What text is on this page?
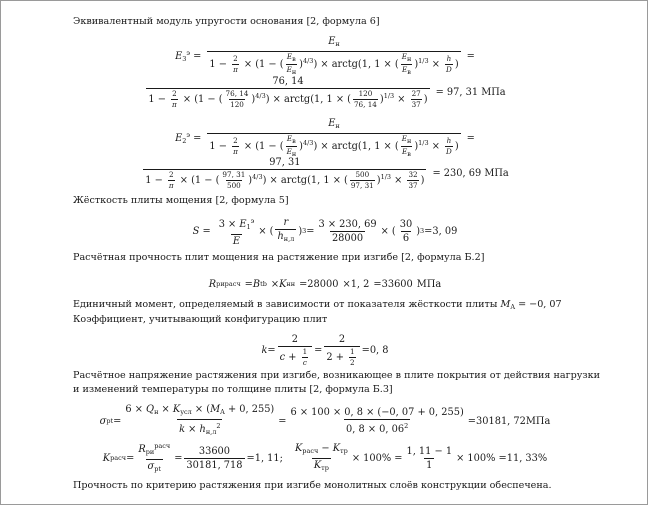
Эквивалентный модуль упругости основания [2, формула 6]
$E_3^э$ =
$E_н$
$1 - \frac{2}{\pi} \times (1$ − ( $\frac{E_в}{E_н} )^{4/3}$) × arctg(1, 1 × ( $\frac{E_н}{E_в} )^{1/3} \times \frac{h}{D}$ )
=
76, 14
$1 - \frac{2}{\pi} \times (1$ − ( $\frac{76, 14}{120} )^{4/3}$) × arctg(1, 1 × ( $\frac{120}{76, 14} )^{1/3} \times \frac{27}{37}$ )
= 97, 31 МПа
$E_2^э$ =
$E_н$
$1 - \frac{2}{\pi} \times (1$ − ( $\frac{E_в}{E_н} )^{4/3}$) × arctg(1, 1 × ( $\frac{E_н}{E_в} )^{1/3} \times \frac{h}{D}$ )
=
97, 31
$1 - \frac{2}{\pi} \times (1$ − ( $\frac{97, 31}{500} )^{4/3}$) × arctg(1, 1 × ( $\frac{500}{97, 31} )^{1/3} \times \frac{32}{37}$ )
= 230, 69 МПа
Жёсткость плиты мощения [2, формула 5]
$S = \frac{3 \times E_1^э}{E}$ × ( $\frac{r}{h_{н,л}}$ ) $3 = \frac{3 \times 230, 69}{28000}$ × ( $\frac{30}{6}$ ) 3 = 3, 09
Расчётная прочность плит мощения на растяжение при изгибе [2, формула Б.2]
R ри расч = B tb × K нн = 28000 × 1, 2 = 33600 МПа
Единичный момент, определяемый в зависимости от показателя жёсткости плиты $M_A = -0$, 07
Коэффициент, учитывающий конфигурацию плит
$k = \frac{2}{c + \frac{1}{c}} = \frac{2}{2 + \frac{1}{2}} = 0$, 8
Расчётное напряжение растяжения при изгибе, возникающее в плите покрытия от действия нагрузки
и изменений температуры по толщине плиты [2, формула Б.3]
σ рt = $\frac{6 \times Q_н \times K_{усл} \times (M_A + 0, 255)}{k \times h_{н,л}^2} = \frac{6 \times 100 \times 0, 8 \times (-0, 07 + 0, 255)}{0, 8 \times 0, 06^2} = 30181$, 72 МПа
K расч = $\frac{R_{ри}^{расч}}{\sigma_{рt}} = \frac{33600}{30181, 718} = 1$, 11 ; $\frac{K_{расч} - K_{тр}}{K_{тр}} \times 100\% = \frac{1, 11 - 1}{1} \times 100\% = 11$, 33%
Прочность по критерию растяжения при изгибе монолитных слоёв конструкции обеспечена.
